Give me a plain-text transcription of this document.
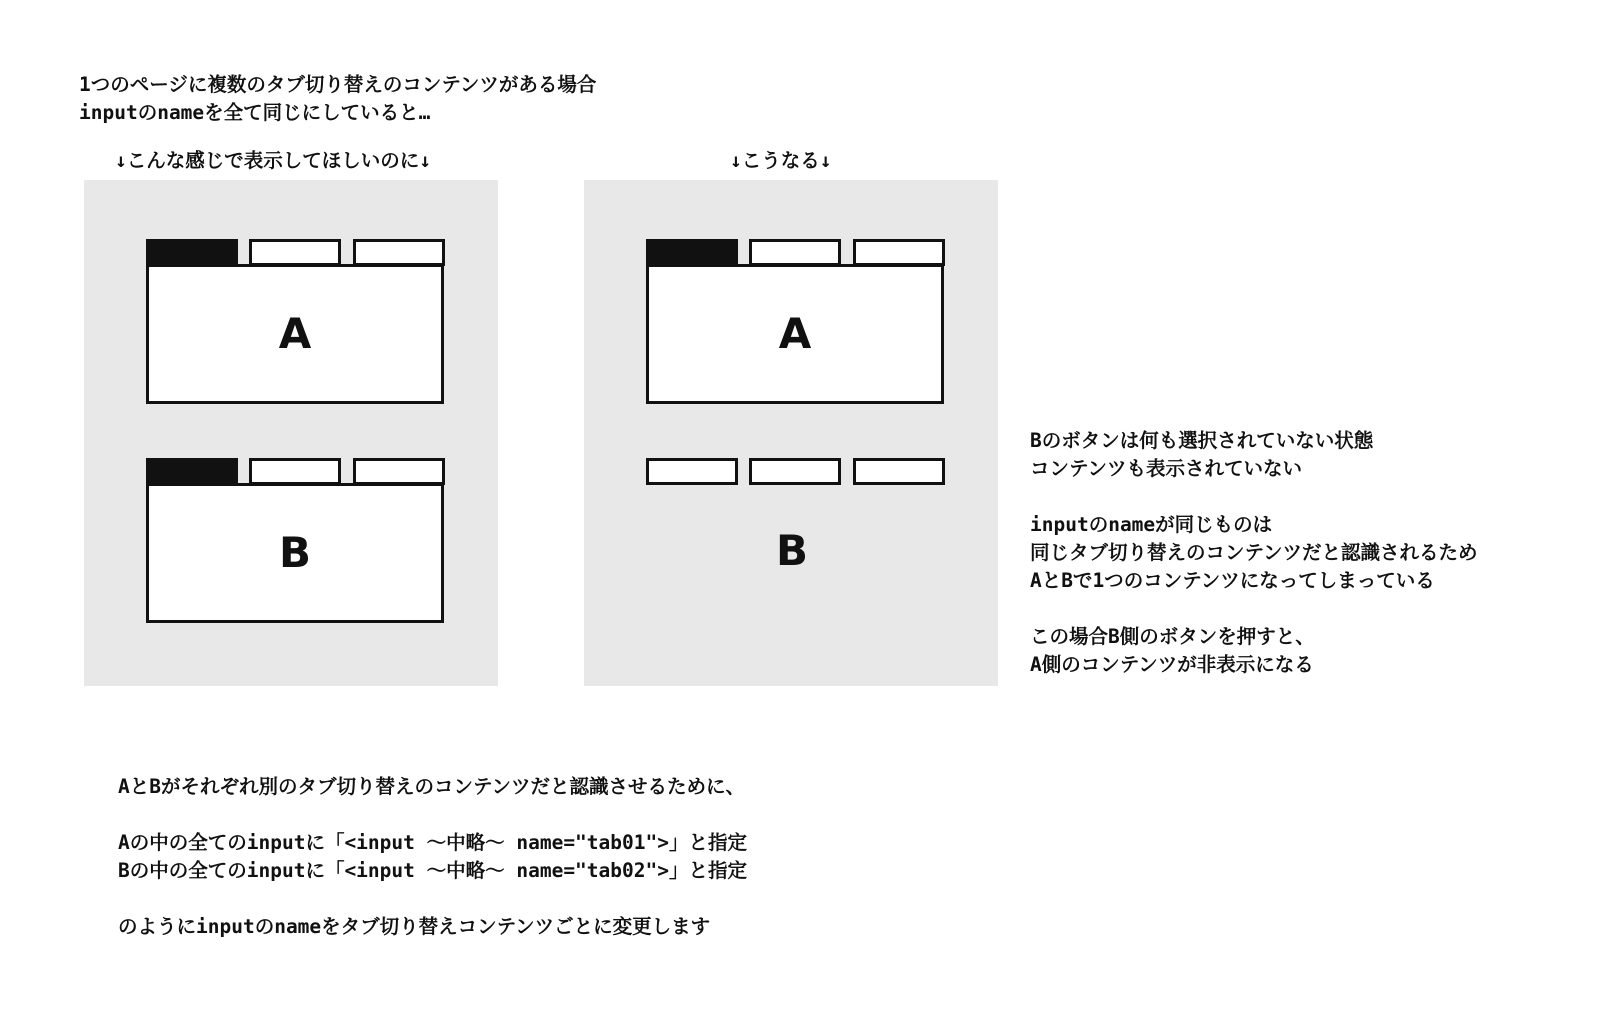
1つのページに複数のタブ切り替えのコンテンツがある場合
inputのnameを全て同じにしていると…
↓こんな感じで表示してほしいのに↓
A
B
↓こうなる↓
A
B
Bのボタンは何も選択されていない状態
コンテンツも表示されていない
inputのnameが同じものは
同じタブ切り替えのコンテンツだと認識されるため
AとBで1つのコンテンツになってしまっている
この場合B側のボタンを押すと、
A側のコンテンツが非表示になる
AとBがそれぞれ別のタブ切り替えのコンテンツだと認識させるために、
Aの中の全てのinputに「<input 〜中略〜 name="tab01">」と指定
Bの中の全てのinputに「<input 〜中略〜 name="tab02">」と指定
のようにinputのnameをタブ切り替えコンテンツごとに変更します
